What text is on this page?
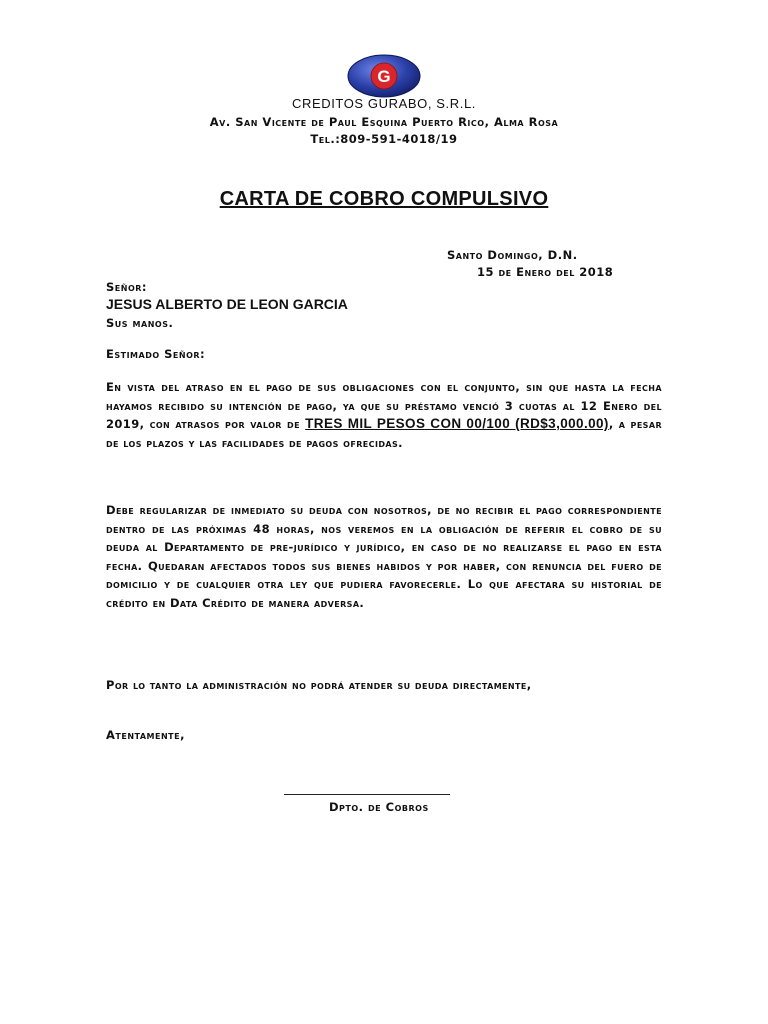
G
CREDITOS GURABO, S.R.L.
Av. San Vicente de Paul Esquina Puerto Rico, Alma Rosa
Tel.:809-591-4018/19
CARTA DE COBRO COMPULSIVO
Santo Domingo, D.N.
15 de Enero del 2018
Señor:
JESUS ALBERTO DE LEON GARCIA
Sus manos.
Estimado Señor:
En vista del atraso en el pago de sus obligaciones con el conjunto, sin que hasta la fecha hayamos recibido su intención de pago, ya que su préstamo venció 3 cuotas al 12 Enero del 2019, con atrasos por valor de TRES MIL PESOS CON 00/100 (RD$3,000.00), a pesar de los plazos y las facilidades de pagos ofrecidas.
Debe regularizar de inmediato su deuda con nosotros, de no recibir el pago correspondiente dentro de las próximas 48 horas, nos veremos en la obligación de referir el cobro de su deuda al Departamento de pre-jurídico y jurídico, en caso de no realizarse el pago en esta fecha. Quedaran afectados todos sus bienes habidos y por haber, con renuncia del fuero de domicilio y de cualquier otra ley que pudiera favorecerle. Lo que afectara su historial de crédito en Data Crédito de manera adversa.
Por lo tanto la administración no podrá atender su deuda directamente,
Atentamente,
Dpto. de Cobros
